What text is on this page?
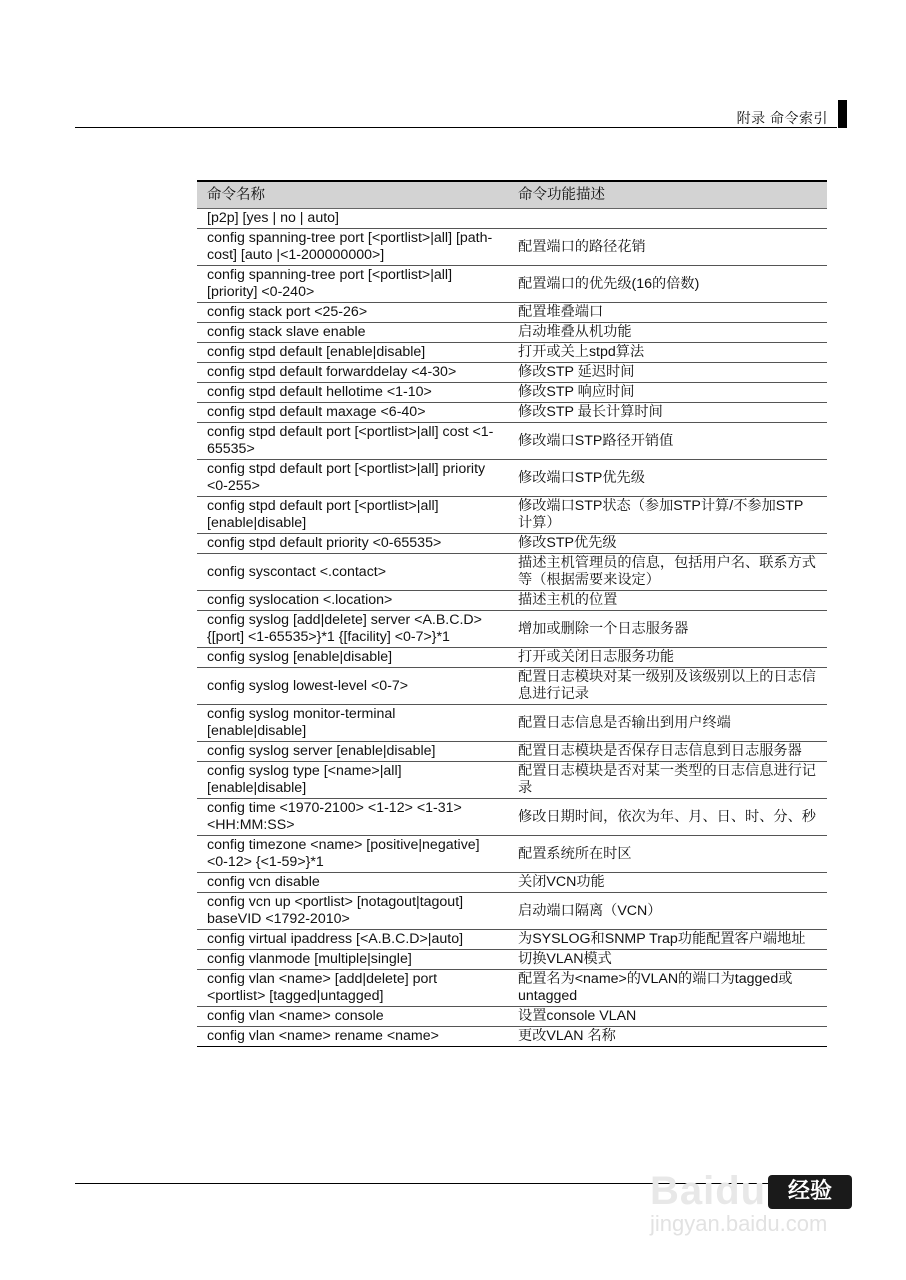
附录 命令索引
命令名称	命令功能描述
[p2p] [yes | no | auto]	
config spanning-tree port [<portlist>|all] [path-cost] [auto |<1-200000000>]	配置端口的路径花销
config spanning-tree port [<portlist>|all] [priority] <0-240>	配置端口的优先级(16的倍数)
config stack port <25-26>	配置堆叠端口
config stack slave enable	启动堆叠从机功能
config stpd default [enable|disable]	打开或关上stpd算法
config stpd default forwarddelay <4-30>	修改STP 延迟时间
config stpd default hellotime <1-10>	修改STP 响应时间
config stpd default maxage <6-40>	修改STP 最长计算时间
config stpd default port [<portlist>|all] cost <1-65535>	修改端口STP路径开销值
config stpd default port [<portlist>|all] priority <0-255>	修改端口STP优先级
config stpd default port [<portlist>|all] [enable|disable]	修改端口STP状态（参加STP计算/不参加STP计算）
config stpd default priority <0-65535>	修改STP优先级
config syscontact <.contact>	描述主机管理员的信息，包括用户名、联系方式等（根据需要来设定）
config syslocation <.location>	描述主机的位置
config syslog [add|delete] server <A.B.C.D> {[port] <1-65535>}*1 {[facility] <0-7>}*1	增加或删除一个日志服务器
config syslog [enable|disable]	打开或关闭日志服务功能
config syslog lowest-level <0-7>	配置日志模块对某一级别及该级别以上的日志信息进行记录
config syslog monitor-terminal [enable|disable]	配置日志信息是否输出到用户终端
config syslog server [enable|disable]	配置日志模块是否保存日志信息到日志服务器
config syslog type [<name>|all] [enable|disable]	配置日志模块是否对某一类型的日志信息进行记录
config time <1970-2100> <1-12> <1-31> <HH:MM:SS>	修改日期时间，依次为年、月、日、时、分、秒
config timezone <name> [positive|negative] <0-12> {<1-59>}*1	配置系统所在时区
config vcn disable	关闭VCN功能
config vcn up <portlist> [notagout|tagout] baseVID <1792-2010>	启动端口隔离（VCN）
config virtual ipaddress [<A.B.C.D>|auto]	为SYSLOG和SNMP Trap功能配置客户端地址
config vlanmode [multiple|single]	切换VLAN模式
config vlan <name> [add|delete] port <portlist> [tagged|untagged]	配置名为<name>的VLAN的端口为tagged或untagged
config vlan <name> console	设置console VLAN
config vlan <name> rename <name>	更改VLAN 名称
Baidu 经验
jingyan.baidu.com
